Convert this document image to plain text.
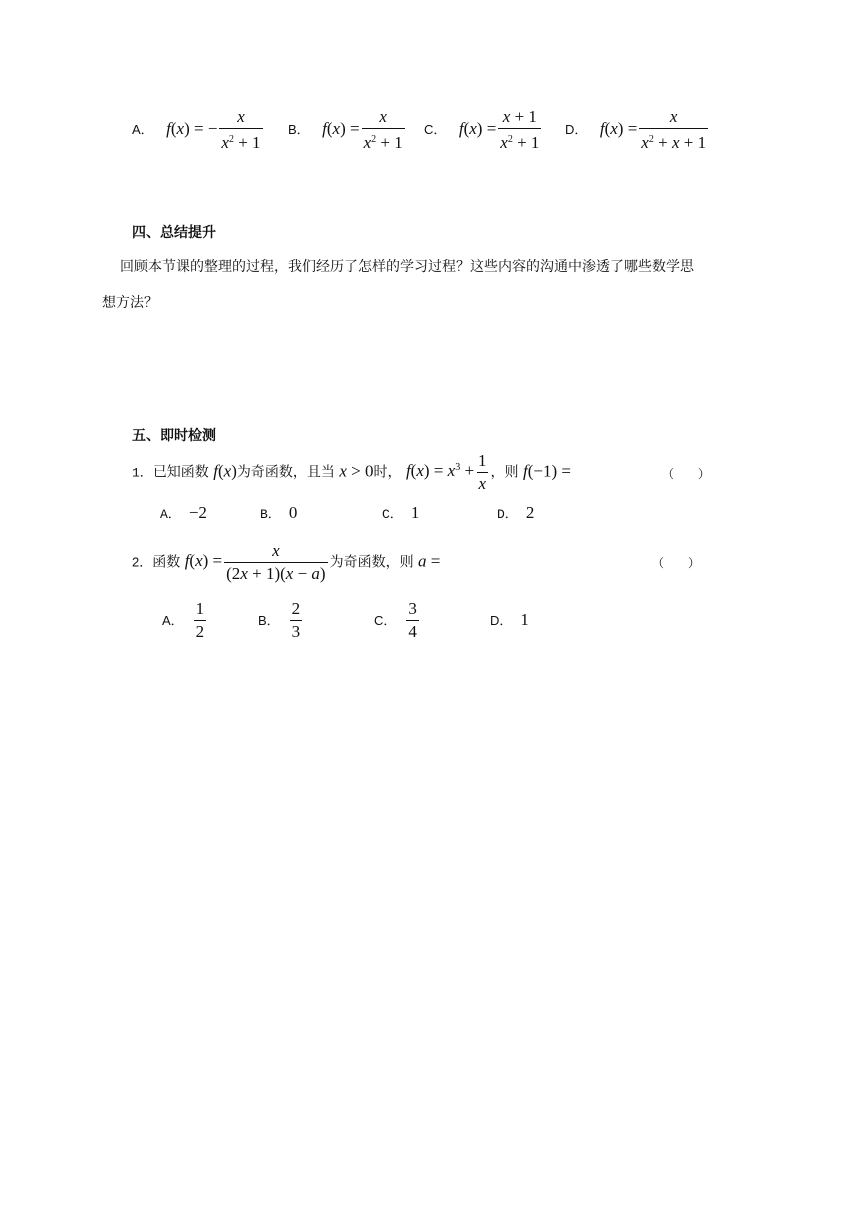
A． f(x) = − $\frac{x}{x^2 + 1}$ B． $f(x) = \frac{x}{x^2 + 1}$ C． $f(x) = \frac{x + 1}{x^2 + 1}$ D． $f(x) = \frac{x}{x^2 + x + 1}$
四、总结提升
回顾本节课的整理的过程，我们经历了怎样的学习过程？这些内容的沟通中渗透了哪些数学思
想方法？
五、即时检测
1．已知函数 f(x)为奇函数，且当 x > 0时， $f(x) = x^3 + \frac{1}{x}$ ，则 f(−1) =	（　　）
A． −2	B． 0	C． 1	D． 2
2．函数 $f(x) = \frac{x}{(2x + 1)(x - a)}$ 为奇函数，则 a =	（　　）
A． $\frac{1}{2}$	B． $\frac{2}{3}$	C． $\frac{3}{4}$	D． 1
